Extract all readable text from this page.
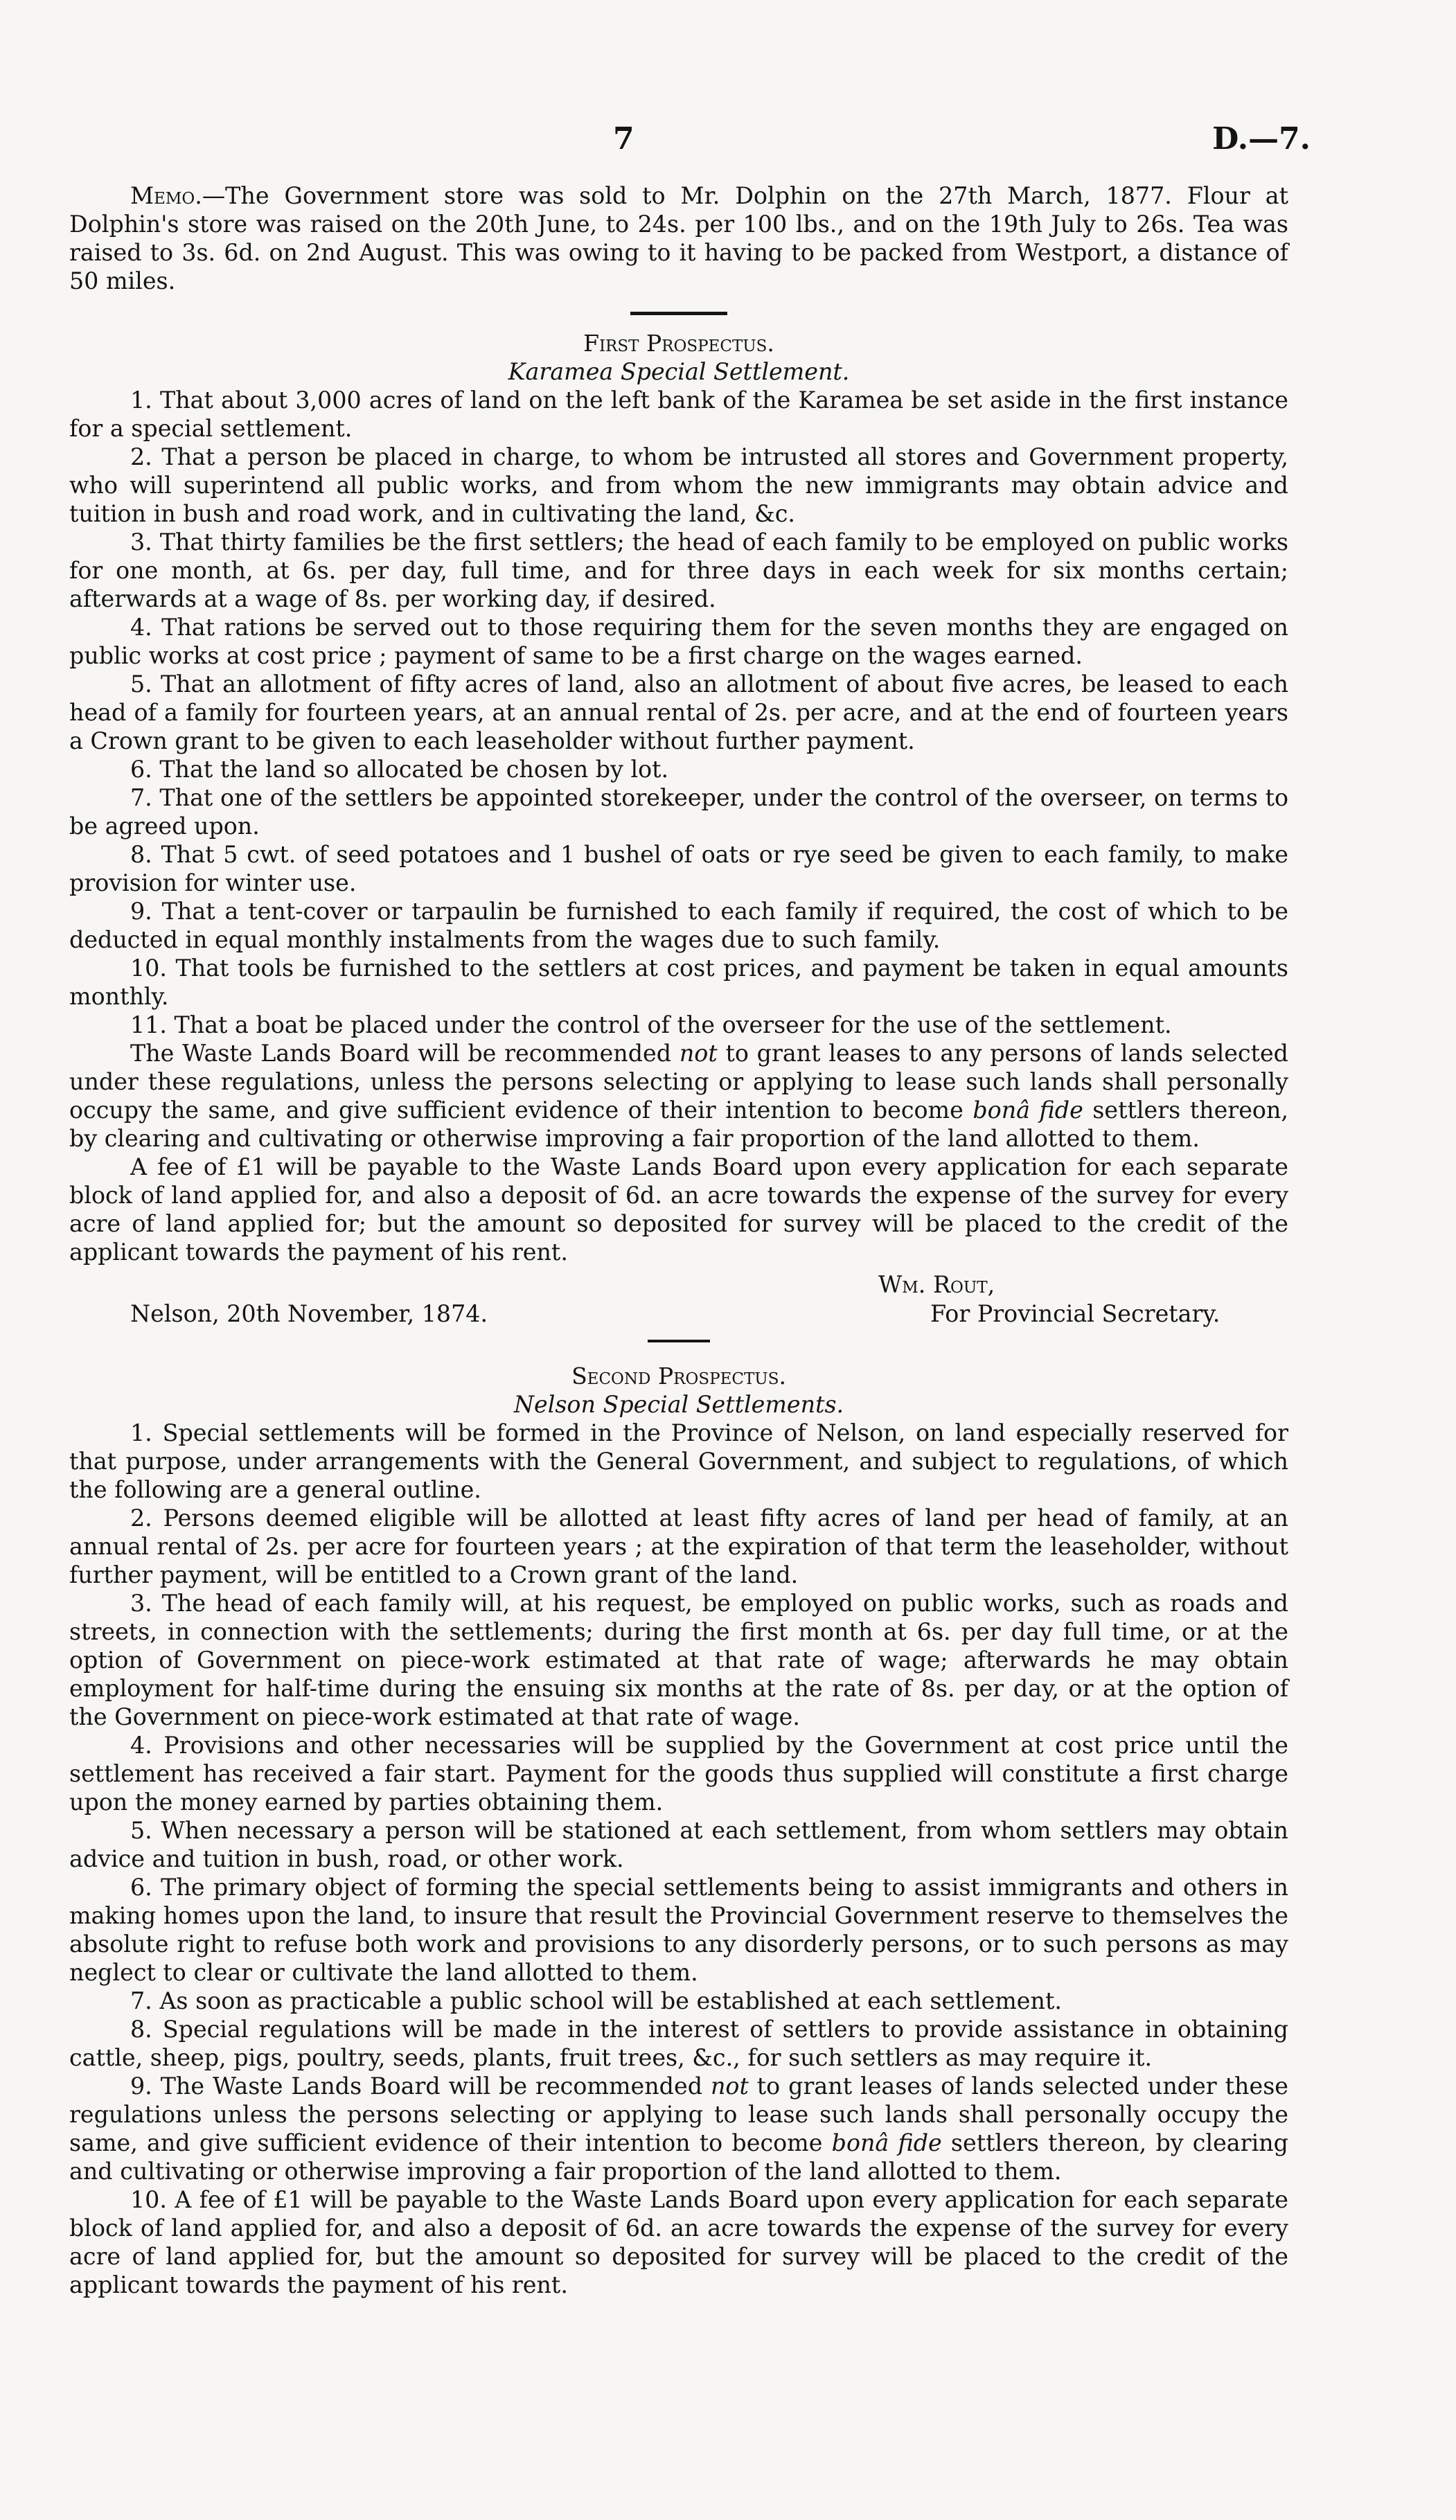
7	D.—7.

Memo.—The Government store was sold to Mr. Dolphin on the 27th March, 1877. Flour at Dolphin's store was raised on the 20th June, to 24s. per 100 lbs., and on the 19th July to 26s. Tea was raised to 3s. 6d. on 2nd August. This was owing to it having to be packed from Westport, a distance of 50 miles.

First Prospectus.

Karamea Special Settlement.

1. That about 3,000 acres of land on the left bank of the Karamea be set aside in the first instance for a special settlement.

2. That a person be placed in charge, to whom be intrusted all stores and Government property, who will superintend all public works, and from whom the new immigrants may obtain advice and tuition in bush and road work, and in cultivating the land, &c.

3. That thirty families be the first settlers; the head of each family to be employed on public works for one month, at 6s. per day, full time, and for three days in each week for six months certain; afterwards at a wage of 8s. per working day, if desired.

4. That rations be served out to those requiring them for the seven months they are engaged on public works at cost price ; payment of same to be a first charge on the wages earned.

5. That an allotment of fifty acres of land, also an allotment of about five acres, be leased to each head of a family for fourteen years, at an annual rental of 2s. per acre, and at the end of fourteen years a Crown grant to be given to each leaseholder without further payment.

6. That the land so allocated be chosen by lot.

7. That one of the settlers be appointed storekeeper, under the control of the overseer, on terms to be agreed upon.

8. That 5 cwt. of seed potatoes and 1 bushel of oats or rye seed be given to each family, to make provision for winter use.

9. That a tent-cover or tarpaulin be furnished to each family if required, the cost of which to be deducted in equal monthly instalments from the wages due to such family.

10. That tools be furnished to the settlers at cost prices, and payment be taken in equal amounts monthly.

11. That a boat be placed under the control of the overseer for the use of the settlement.

The Waste Lands Board will be recommended not to grant leases to any persons of lands selected under these regulations, unless the persons selecting or applying to lease such lands shall personally occupy the same, and give sufficient evidence of their intention to become bonâ fide settlers thereon, by clearing and cultivating or otherwise improving a fair proportion of the land allotted to them.

A fee of £1 will be payable to the Waste Lands Board upon every application for each separate block of land applied for, and also a deposit of 6d. an acre towards the expense of the survey for every acre of land applied for; but the amount so deposited for survey will be placed to the credit of the applicant towards the payment of his rent.

Wm. Rout,
Nelson, 20th November, 1874.	For Provincial Secretary.

Second Prospectus.

Nelson Special Settlements.

1. Special settlements will be formed in the Province of Nelson, on land especially reserved for that purpose, under arrangements with the General Government, and subject to regulations, of which the following are a general outline.

2. Persons deemed eligible will be allotted at least fifty acres of land per head of family, at an annual rental of 2s. per acre for fourteen years ; at the expiration of that term the leaseholder, without further payment, will be entitled to a Crown grant of the land.

3. The head of each family will, at his request, be employed on public works, such as roads and streets, in connection with the settlements; during the first month at 6s. per day full time, or at the option of Government on piece-work estimated at that rate of wage; afterwards he may obtain employment for half-time during the ensuing six months at the rate of 8s. per day, or at the option of the Government on piece-work estimated at that rate of wage.

4. Provisions and other necessaries will be supplied by the Government at cost price until the settlement has received a fair start. Payment for the goods thus supplied will constitute a first charge upon the money earned by parties obtaining them.

5. When necessary a person will be stationed at each settlement, from whom settlers may obtain advice and tuition in bush, road, or other work.

6. The primary object of forming the special settlements being to assist immigrants and others in making homes upon the land, to insure that result the Provincial Government reserve to themselves the absolute right to refuse both work and provisions to any disorderly persons, or to such persons as may neglect to clear or cultivate the land allotted to them.

7. As soon as practicable a public school will be established at each settlement.

8. Special regulations will be made in the interest of settlers to provide assistance in obtaining cattle, sheep, pigs, poultry, seeds, plants, fruit trees, &c., for such settlers as may require it.

9. The Waste Lands Board will be recommended not to grant leases of lands selected under these regulations unless the persons selecting or applying to lease such lands shall personally occupy the same, and give sufficient evidence of their intention to become bonâ fide settlers thereon, by clearing and cultivating or otherwise improving a fair proportion of the land allotted to them.

10. A fee of £1 will be payable to the Waste Lands Board upon every application for each separate block of land applied for, and also a deposit of 6d. an acre towards the expense of the survey for every acre of land applied for, but the amount so deposited for survey will be placed to the credit of the applicant towards the payment of his rent.
